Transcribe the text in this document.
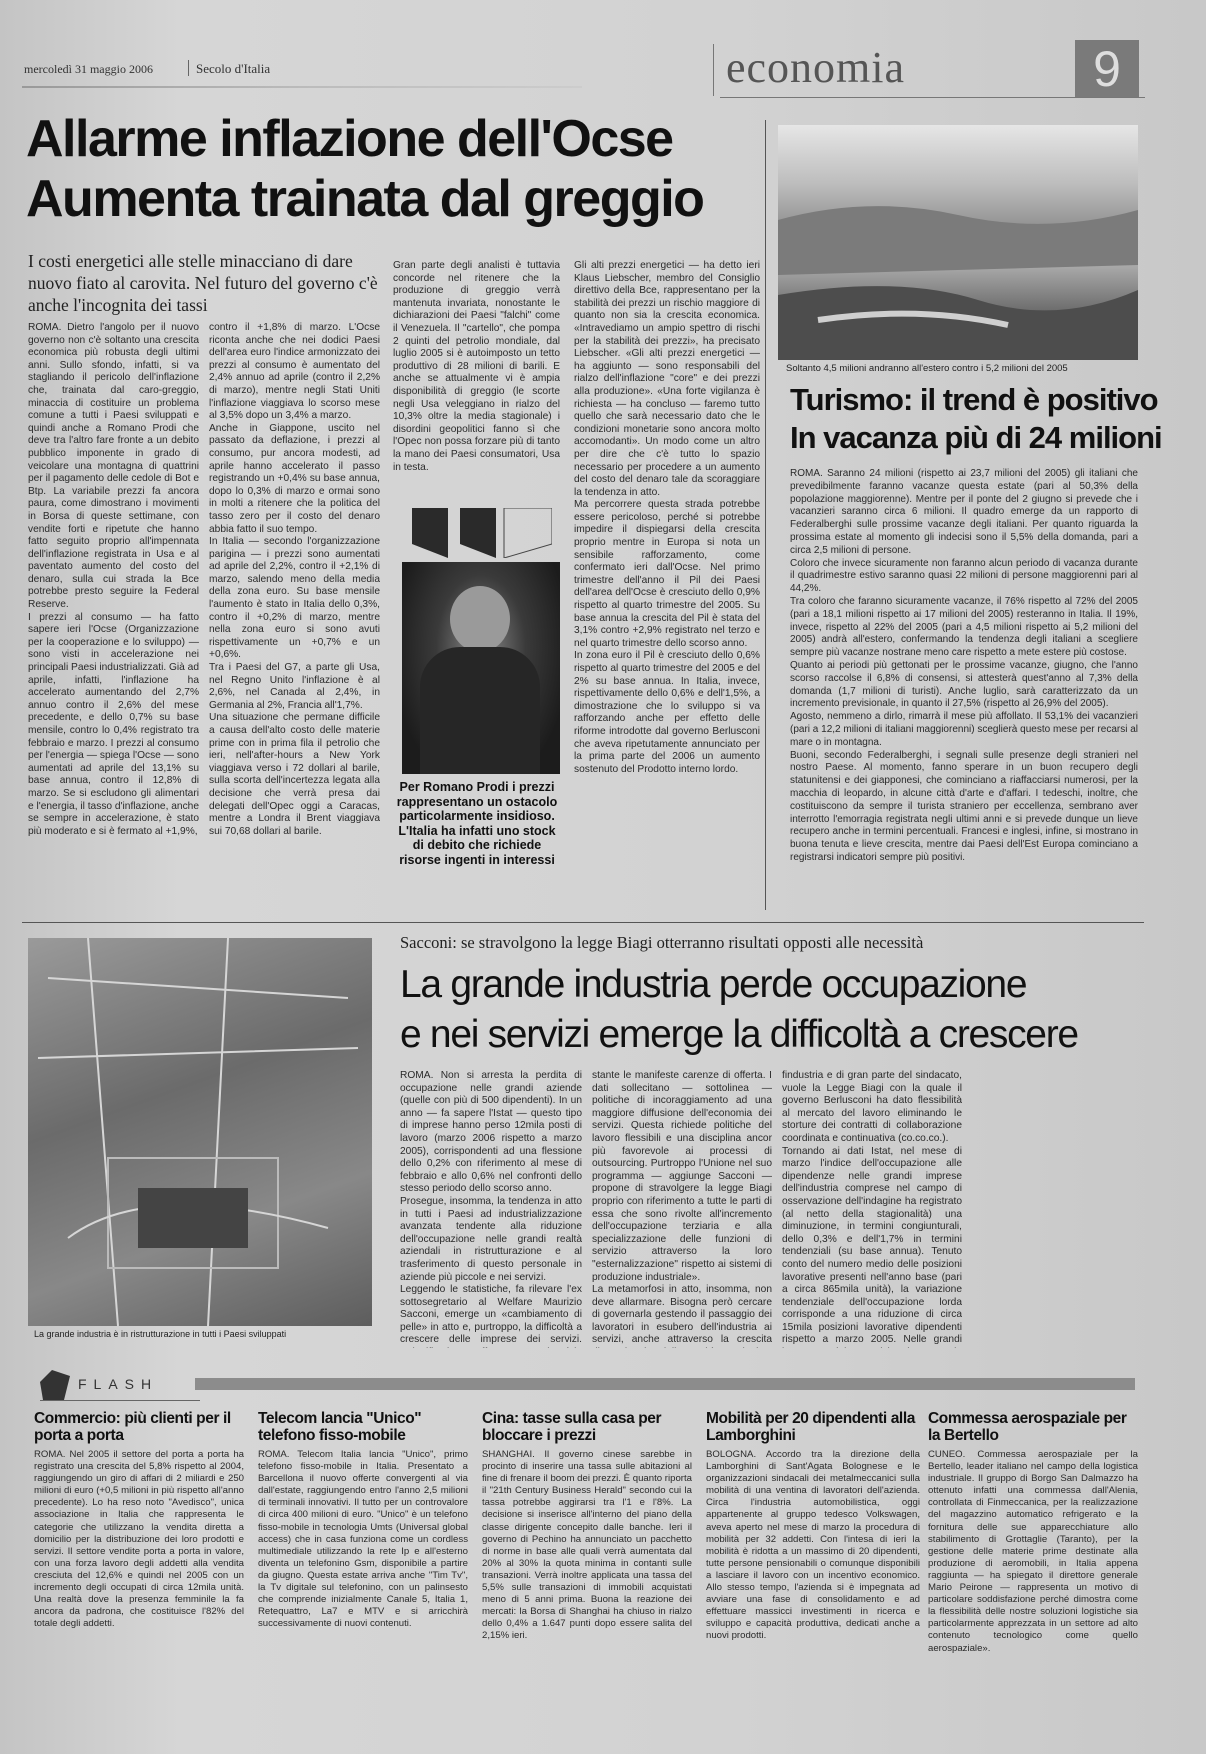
mercoledì 31 maggio 2006	Secolo d'Italia	economia	9
Allarme inflazione dell'Ocse
Aumenta trainata dal greggio
I costi energetici alle stelle minacciano di dare nuovo fiato al carovita. Nel futuro del governo c'è anche l'incognita dei tassi
ROMA. Dietro l'angolo per il nuovo governo non c'è soltanto una crescita economica più robusta degli ultimi anni. Sullo sfondo, infatti, si va stagliando il pericolo dell'inflazione che, trainata dal caro-greggio, minaccia di costituire un problema comune a tutti i Paesi sviluppati e quindi anche a Romano Prodi che deve tra l'altro fare fronte a un debito pubblico imponente in grado di veicolare una montagna di quattrini per il pagamento delle cedole di Bot e Btp. La variabile prezzi fa ancora paura, come dimostrano i movimenti in Borsa di queste settimane, con vendite forti e ripetute che hanno fatto seguito proprio all'impennata dell'inflazione registrata in Usa e al paventato aumento del costo del denaro, sulla cui strada la Bce potrebbe presto seguire la Federal Reserve.
I prezzi al consumo — ha fatto sapere ieri l'Ocse (Organizzazione per la cooperazione e lo sviluppo) — sono visti in accelerazione nei principali Paesi industrializzati. Già ad aprile, infatti, l'inflazione ha accelerato aumentando del 2,7% annuo contro il 2,6% del mese precedente, e dello 0,7% su base mensile, contro lo 0,4% registrato tra febbraio e marzo. I prezzi al consumo per l'energia — spiega l'Ocse — sono aumentati ad aprile del 13,1% su base annua, contro il 12,8% di marzo. Se si escludono gli alimentari e l'energia, il tasso d'inflazione, anche se sempre in accelerazione, è stato più moderato e si è fermato al +1,9%,
contro il +1,8% di marzo. L'Ocse riconta anche che nei dodici Paesi dell'area euro l'indice armonizzato dei prezzi al consumo è aumentato del 2,4% annuo ad aprile (contro il 2,2% di marzo), mentre negli Stati Uniti l'inflazione viaggiava lo scorso mese al 3,5% dopo un 3,4% a marzo.
Anche in Giappone, uscito nel passato da deflazione, i prezzi al consumo, pur ancora modesti, ad aprile hanno accelerato il passo registrando un +0,4% su base annua, dopo lo 0,3% di marzo e ormai sono in molti a ritenere che la politica del tasso zero per il costo del denaro abbia fatto il suo tempo.
In Italia — secondo l'organizzazione parigina — i prezzi sono aumentati ad aprile del 2,2%, contro il +2,1% di marzo, salendo meno della media della zona euro. Su base mensile l'aumento è stato in Italia dello 0,3%, contro il +0,2% di marzo, mentre nella zona euro si sono avuti rispettivamente un +0,7% e un +0,6%.
Tra i Paesi del G7, a parte gli Usa, nel Regno Unito l'inflazione è al 2,6%, nel Canada al 2,4%, in Germania al 2%, Francia all'1,7%.
Una situazione che permane difficile a causa dell'alto costo delle materie prime con in prima fila il petrolio che ieri, nell'after-hours a New York viaggiava verso i 72 dollari al barile, sulla scorta dell'incertezza legata alla decisione che verrà presa dai delegati dell'Opec oggi a Caracas, mentre a Londra il Brent viaggiava sui 70,68 dollari al barile.
Gran parte degli analisti è tuttavia concorde nel ritenere che la produzione di greggio verrà mantenuta invariata, nonostante le dichiarazioni dei Paesi "falchi" come il Venezuela. Il "cartello", che pompa 2 quinti del petrolio mondiale, dal luglio 2005 si è autoimposto un tetto produttivo di 28 milioni di barili. E anche se attualmente vi è ampia disponibilità di greggio (le scorte negli Usa veleggiano in rialzo del 10,3% oltre la media stagionale) i disordini geopolitici fanno sì che l'Opec non possa forzare più di tanto la mano dei Paesi consumatori, Usa in testa.
Gli alti prezzi energetici — ha detto ieri Klaus Liebscher, membro del Consiglio direttivo della Bce, rappresentano per la stabilità dei prezzi un rischio maggiore di quanto non sia la crescita economica. «Intravediamo un ampio spettro di rischi per la stabilità dei prezzi», ha precisato Liebscher. «Gli alti prezzi energetici — ha aggiunto — sono responsabili del rialzo dell'inflazione "core" e dei prezzi alla produzione». «Una forte vigilanza è richiesta — ha concluso — faremo tutto quello che sarà necessario dato che le condizioni monetarie sono ancora molto accomodanti». Un modo come un altro per dire che c'è tutto lo spazio necessario per procedere a un aumento del costo del denaro tale da scoraggiare la tendenza in atto.
Ma percorrere questa strada potrebbe essere pericoloso, perché si potrebbe impedire il dispiegarsi della crescita proprio mentre in Europa si nota un sensibile rafforzamento, come confermato ieri dall'Ocse. Nel primo trimestre dell'anno il Pil dei Paesi dell'area dell'Ocse è cresciuto dello 0,9% rispetto al quarto trimestre del 2005. Su base annua la crescita del Pil è stata del 3,1% contro +2,9% registrato nel terzo e nel quarto trimestre dello scorso anno.
In zona euro il Pil è cresciuto dello 0,6% rispetto al quarto trimestre del 2005 e del 2% su base annua. In Italia, invece, rispettivamente dello 0,6% e dell'1,5%, a dimostrazione che lo sviluppo si va rafforzando anche per effetto delle riforme introdotte dal governo Berlusconi che aveva ripetutamente annunciato per la prima parte del 2006 un aumento sostenuto del Prodotto interno lordo.
Per Romano Prodi i prezzi rappresentano un ostacolo particolarmente insidioso. L'Italia ha infatti uno stock di debito che richiede risorse ingenti in interessi
Soltanto 4,5 milioni andranno all'estero contro i 5,2 milioni del 2005
Turismo: il trend è positivo
In vacanza più di 24 milioni
ROMA. Saranno 24 milioni (rispetto ai 23,7 milioni del 2005) gli italiani che prevedibilmente faranno vacanze questa estate (pari al 50,3% della popolazione maggiorenne). Mentre per il ponte del 2 giugno si prevede che i vacanzieri saranno circa 6 milioni. Il quadro emerge da un rapporto di Federalberghi sulle prossime vacanze degli italiani. Per quanto riguarda la prossima estate al momento gli indecisi sono il 5,5% della domanda, pari a circa 2,5 milioni di persone.
Coloro che invece sicuramente non faranno alcun periodo di vacanza durante il quadrimestre estivo saranno quasi 22 milioni di persone maggiorenni pari al 44,2%.
Tra coloro che faranno sicuramente vacanze, il 76% rispetto al 72% del 2005 (pari a 18,1 milioni rispetto ai 17 milioni del 2005) resteranno in Italia. Il 19%, invece, rispetto al 22% del 2005 (pari a 4,5 milioni rispetto ai 5,2 milioni del 2005) andrà all'estero, confermando la tendenza degli italiani a scegliere sempre più vacanze nostrane meno care rispetto a mete estere più costose.
Quanto ai periodi più gettonati per le prossime vacanze, giugno, che l'anno scorso raccolse il 6,8% di consensi, si attesterà quest'anno al 7,3% della domanda (1,7 milioni di turisti). Anche luglio, sarà caratterizzato da un incremento previsionale, in quanto il 27,5% (rispetto al 26,9% del 2005).
Agosto, nemmeno a dirlo, rimarrà il mese più affollato. Il 53,1% dei vacanzieri (pari a 12,2 milioni di italiani maggiorenni) sceglierà questo mese per recarsi al mare o in montagna.
Buoni, secondo Federalberghi, i segnali sulle presenze degli stranieri nel nostro Paese. Al momento, fanno sperare in un buon recupero degli statunitensi e dei giapponesi, che cominciano a riaffacciarsi numerosi, per la macchia di leopardo, in alcune città d'arte e d'affari. I tedeschi, inoltre, che costituiscono da sempre il turista straniero per eccellenza, sembrano aver interrotto l'emorragia registrata negli ultimi anni e si prevede dunque un lieve recupero anche in termini percentuali. Francesi e inglesi, infine, si mostrano in buona tenuta e lieve crescita, mentre dai Paesi dell'Est Europa cominciano a registrarsi indicatori sempre più positivi.
La grande industria è in ristrutturazione in tutti i Paesi sviluppati
Sacconi: se stravolgono la legge Biagi otterranno risultati opposti alle necessità
La grande industria perde occupazione
e nei servizi emerge la difficoltà a crescere
ROMA. Non si arresta la perdita di occupazione nelle grandi aziende (quelle con più di 500 dipendenti). In un anno — fa sapere l'Istat — questo tipo di imprese hanno perso 12mila posti di lavoro (marzo 2006 rispetto a marzo 2005), corrispondenti ad una flessione dello 0,2% con riferimento al mese di febbraio e allo 0,6% nel confronti dello stesso periodo dello scorso anno.
Prosegue, insomma, la tendenza in atto in tutti i Paesi ad industrializzazione avanzata tendente alla riduzione dell'occupazione nelle grandi realtà aziendali in ristrutturazione e al trasferimento di questo personale in aziende più piccole e nei servizi.
Leggendo le statistiche, fa rilevare l'ex sottosegretario al Welfare Maurizio Sacconi, emerge un «cambiamento di pelle» in atto e, purtroppo, la difficoltà a crescere delle imprese dei servizi.
stante le manifeste carenze di offerta. I dati sollecitano — sottolinea — politiche di incoraggiamento ad una maggiore diffusione dell'economia dei servizi. Questa richiede politiche del lavoro flessibili e una disciplina ancor più favorevole ai processi di outsourcing. Purtroppo l'Unione nel suo programma — aggiunge Sacconi — propone di stravolgere la legge Biagi proprio con riferimento a tutte le parti di essa che sono rivolte all'incremento dell'occupazione terziaria e alla specializzazione delle funzioni di servizio attraverso la loro "esternalizzazione" rispetto ai sistemi di produzione industriale».
La metamorfosi in atto, insomma, non deve allarmare. Bisogna però cercare di governarla gestendo il passaggio dei lavoratori in esubero dell'industria ai servizi, anche attraverso la crescita
findustria e di gran parte del sindacato, vuole la Legge Biagi con la quale il governo Berlusconi ha dato flessibilità al mercato del lavoro eliminando le storture dei contratti di collaborazione coordinata e continuativa (co.co.co.).
Tornando ai dati Istat, nel mese di marzo l'indice dell'occupazione alle dipendenze nelle grandi imprese dell'industria comprese nel campo di osservazione dell'indagine ha registrato (al netto della stagionalità) una diminuzione, in termini congiunturali, dello 0,3% e dell'1,7% in termini tendenziali (su base annua). Tenuto conto del numero medio delle posizioni lavorative presenti nell'anno base (pari a circa 865mila unità), la variazione tendenziale dell'occupazione lorda corrisponde a una riduzione di circa 15mila posizioni lavorative dipendenti rispetto a marzo 2005. Nelle grandi
FLASH
Commercio: più clienti per il porta a porta
ROMA. Nel 2005 il settore del porta a porta ha registrato una crescita del 5,8% rispetto al 2004, raggiungendo un giro di affari di 2 miliardi e 250 milioni di euro (+0,5 milioni in più rispetto all'anno precedente). Lo ha reso noto "Avedisco", unica associazione in Italia che rappresenta le categorie che utilizzano la vendita diretta a domicilio per la distribuzione dei loro prodotti e servizi. Il settore vendite porta a porta in valore, con una forza lavoro degli addetti alla vendita cresciuta del 12,6% e quindi nel 2005 con un incremento degli occupati di circa 12mila unità. Una realtà dove la presenza femminile la fa ancora da padrona, che costituisce l'82% del totale degli addetti.
Telecom lancia "Unico" telefono fisso-mobile
ROMA. Telecom Italia lancia "Unico", primo telefono fisso-mobile in Italia. Presentato a Barcellona il nuovo offerte convergenti al via dall'estate, raggiungendo entro l'anno 2,5 milioni di terminali innovativi. Il tutto per un controvalore di circa 400 milioni di euro. "Unico" è un telefono fisso-mobile in tecnologia Umts (Universal global access) che in casa funziona come un cordless multimediale utilizzando la rete Ip e all'esterno diventa un telefonino Gsm, disponibile a partire da giugno. Questa estate arriva anche "Tim Tv", la Tv digitale sul telefonino, con un palinsesto che comprende inizialmente Canale 5, Italia 1, Retequattro, La7 e MTV e si arricchirà successivamente di nuovi contenuti.
Cina: tasse sulla casa per bloccare i prezzi
SHANGHAI. Il governo cinese sarebbe in procinto di inserire una tassa sulle abitazioni al fine di frenare il boom dei prezzi. È quanto riporta il "21th Century Business Herald" secondo cui la tassa potrebbe aggirarsi tra l'1 e l'8%. La decisione si inserisce all'interno del piano della classe dirigente concepito dalle banche. Ieri il governo di Pechino ha annunciato un pacchetto di norme in base alle quali verrà aumentata dal 20% al 30% la quota minima in contanti sulle transazioni. Verrà inoltre applicata una tassa del 5,5% sulle transazioni di immobili acquistati meno di 5 anni prima. Buona la reazione dei mercati: la Borsa di Shanghai ha chiuso in rialzo dello 0,4% a 1.647 punti dopo essere salita del 2,15% ieri.
Mobilità per 20 dipendenti alla Lamborghini
BOLOGNA. Accordo tra la direzione della Lamborghini di Sant'Agata Bolognese e le organizzazioni sindacali dei metalmeccanici sulla mobilità di una ventina di lavoratori dell'azienda. Circa l'industria automobilistica, oggi appartenente al gruppo tedesco Volkswagen, aveva aperto nel mese di marzo la procedura di mobilità per 32 addetti. Con l'intesa di ieri la mobilità è ridotta a un massimo di 20 dipendenti, tutte persone pensionabili o comunque disponibili a lasciare il lavoro con un incentivo economico. Allo stesso tempo, l'azienda si è impegnata ad avviare una fase di consolidamento e ad effettuare massicci investimenti in ricerca e sviluppo e capacità produttiva, dedicati anche a nuovi prodotti.
Commessa aerospaziale per la Bertello
CUNEO. Commessa aerospaziale per la Bertello, leader italiano nel campo della logistica industriale. Il gruppo di Borgo San Dalmazzo ha ottenuto infatti una commessa dall'Alenia, controllata di Finmeccanica, per la realizzazione del magazzino automatico refrigerato e la fornitura delle sue apparecchiature allo stabilimento di Grottaglie (Taranto), per la gestione delle materie prime destinate alla produzione di aeromobili, in Italia appena raggiunta — ha spiegato il direttore generale Mario Peirone — rappresenta un motivo di particolare soddisfazione perché dimostra come la flessibilità delle nostre soluzioni logistiche sia particolarmente apprezzata in un settore ad alto contenuto tecnologico come quello aerospaziale».
